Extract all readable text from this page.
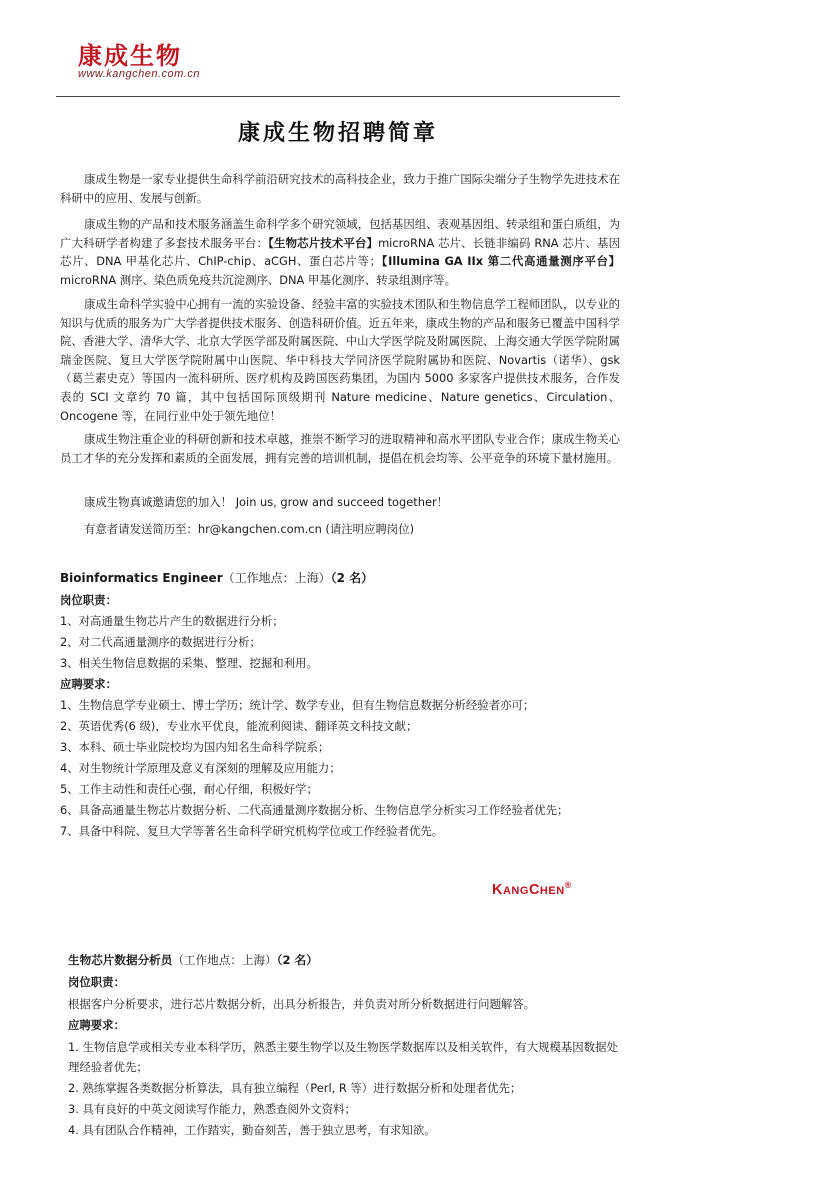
康成生物
www.kangchen.com.cn
康成生物招聘简章
康成生物是一家专业提供生命科学前沿研究技术的高科技企业，致力于推广国际尖端分子生物学先进技术在科研中的应用、发展与创新。
康成生物的产品和技术服务涵盖生命科学多个研究领域，包括基因组、表观基因组、转录组和蛋白质组，为广大科研学者构建了多套技术服务平台：【生物芯片技术平台】microRNA 芯片、长链非编码 RNA 芯片、基因芯片、DNA 甲基化芯片、ChIP-chip、aCGH、蛋白芯片等；【Illumina GA IIx 第二代高通量测序平台】microRNA 测序、染色质免疫共沉淀测序、DNA 甲基化测序、转录组测序等。
康成生命科学实验中心拥有一流的实验设备、经验丰富的实验技术团队和生物信息学工程师团队，以专业的知识与优质的服务为广大学者提供技术服务、创造科研价值。近五年来，康成生物的产品和服务已覆盖中国科学院、香港大学、清华大学、北京大学医学部及附属医院、中山大学医学院及附属医院、上海交通大学医学院附属瑞金医院、复旦大学医学院附属中山医院、华中科技大学同济医学院附属协和医院、Novartis（诺华）、gsk（葛兰素史克）等国内一流科研所、医疗机构及跨国医药集团，为国内 5000 多家客户提供技术服务，合作发表的 SCI 文章约 70 篇，其中包括国际顶级期刊 Nature medicine、Nature genetics、Circulation、Oncogene 等，在同行业中处于领先地位！
康成生物注重企业的科研创新和技术卓越，推崇不断学习的进取精神和高水平团队专业合作；康成生物关心员工才华的充分发挥和素质的全面发展，拥有完善的培训机制，提倡在机会均等、公平竞争的环境下量材施用。
康成生物真诚邀请您的加入！ Join us, grow and succeed together！
有意者请发送简历至：hr@kangchen.com.cn (请注明应聘岗位)
Bioinformatics Engineer（工作地点：上海）（2 名）
岗位职责：
1、对高通量生物芯片产生的数据进行分析；
2、对二代高通量测序的数据进行分析；
3、相关生物信息数据的采集、整理、挖掘和利用。
应聘要求：
1、生物信息学专业硕士、博士学历；统计学、数学专业，但有生物信息数据分析经验者亦可；
2、英语优秀(6 级)，专业水平优良，能流利阅读、翻译英文科技文献；
3、本科、硕士毕业院校均为国内知名生命科学院系；
4、对生物统计学原理及意义有深刻的理解及应用能力；
5、工作主动性和责任心强，耐心仔细，积极好学；
6、具备高通量生物芯片数据分析、二代高通量测序数据分析、生物信息学分析实习工作经验者优先；
7、具备中科院、复旦大学等著名生命科学研究机构学位或工作经验者优先。
KANGCHEN®
生物芯片数据分析员（工作地点：上海）（2 名）
岗位职责：
根据客户分析要求，进行芯片数据分析，出具分析报告，并负责对所分析数据进行问题解答。
应聘要求：
1. 生物信息学或相关专业本科学历，熟悉主要生物学以及生物医学数据库以及相关软件，有大规模基因数据处
理经验者优先；
2. 熟练掌握各类数据分析算法，具有独立编程（Perl, R 等）进行数据分析和处理者优先；
3. 具有良好的中英文阅读写作能力，熟悉查阅外文资料；
4. 具有团队合作精神，工作踏实，勤奋刻苦，善于独立思考，有求知欲。
